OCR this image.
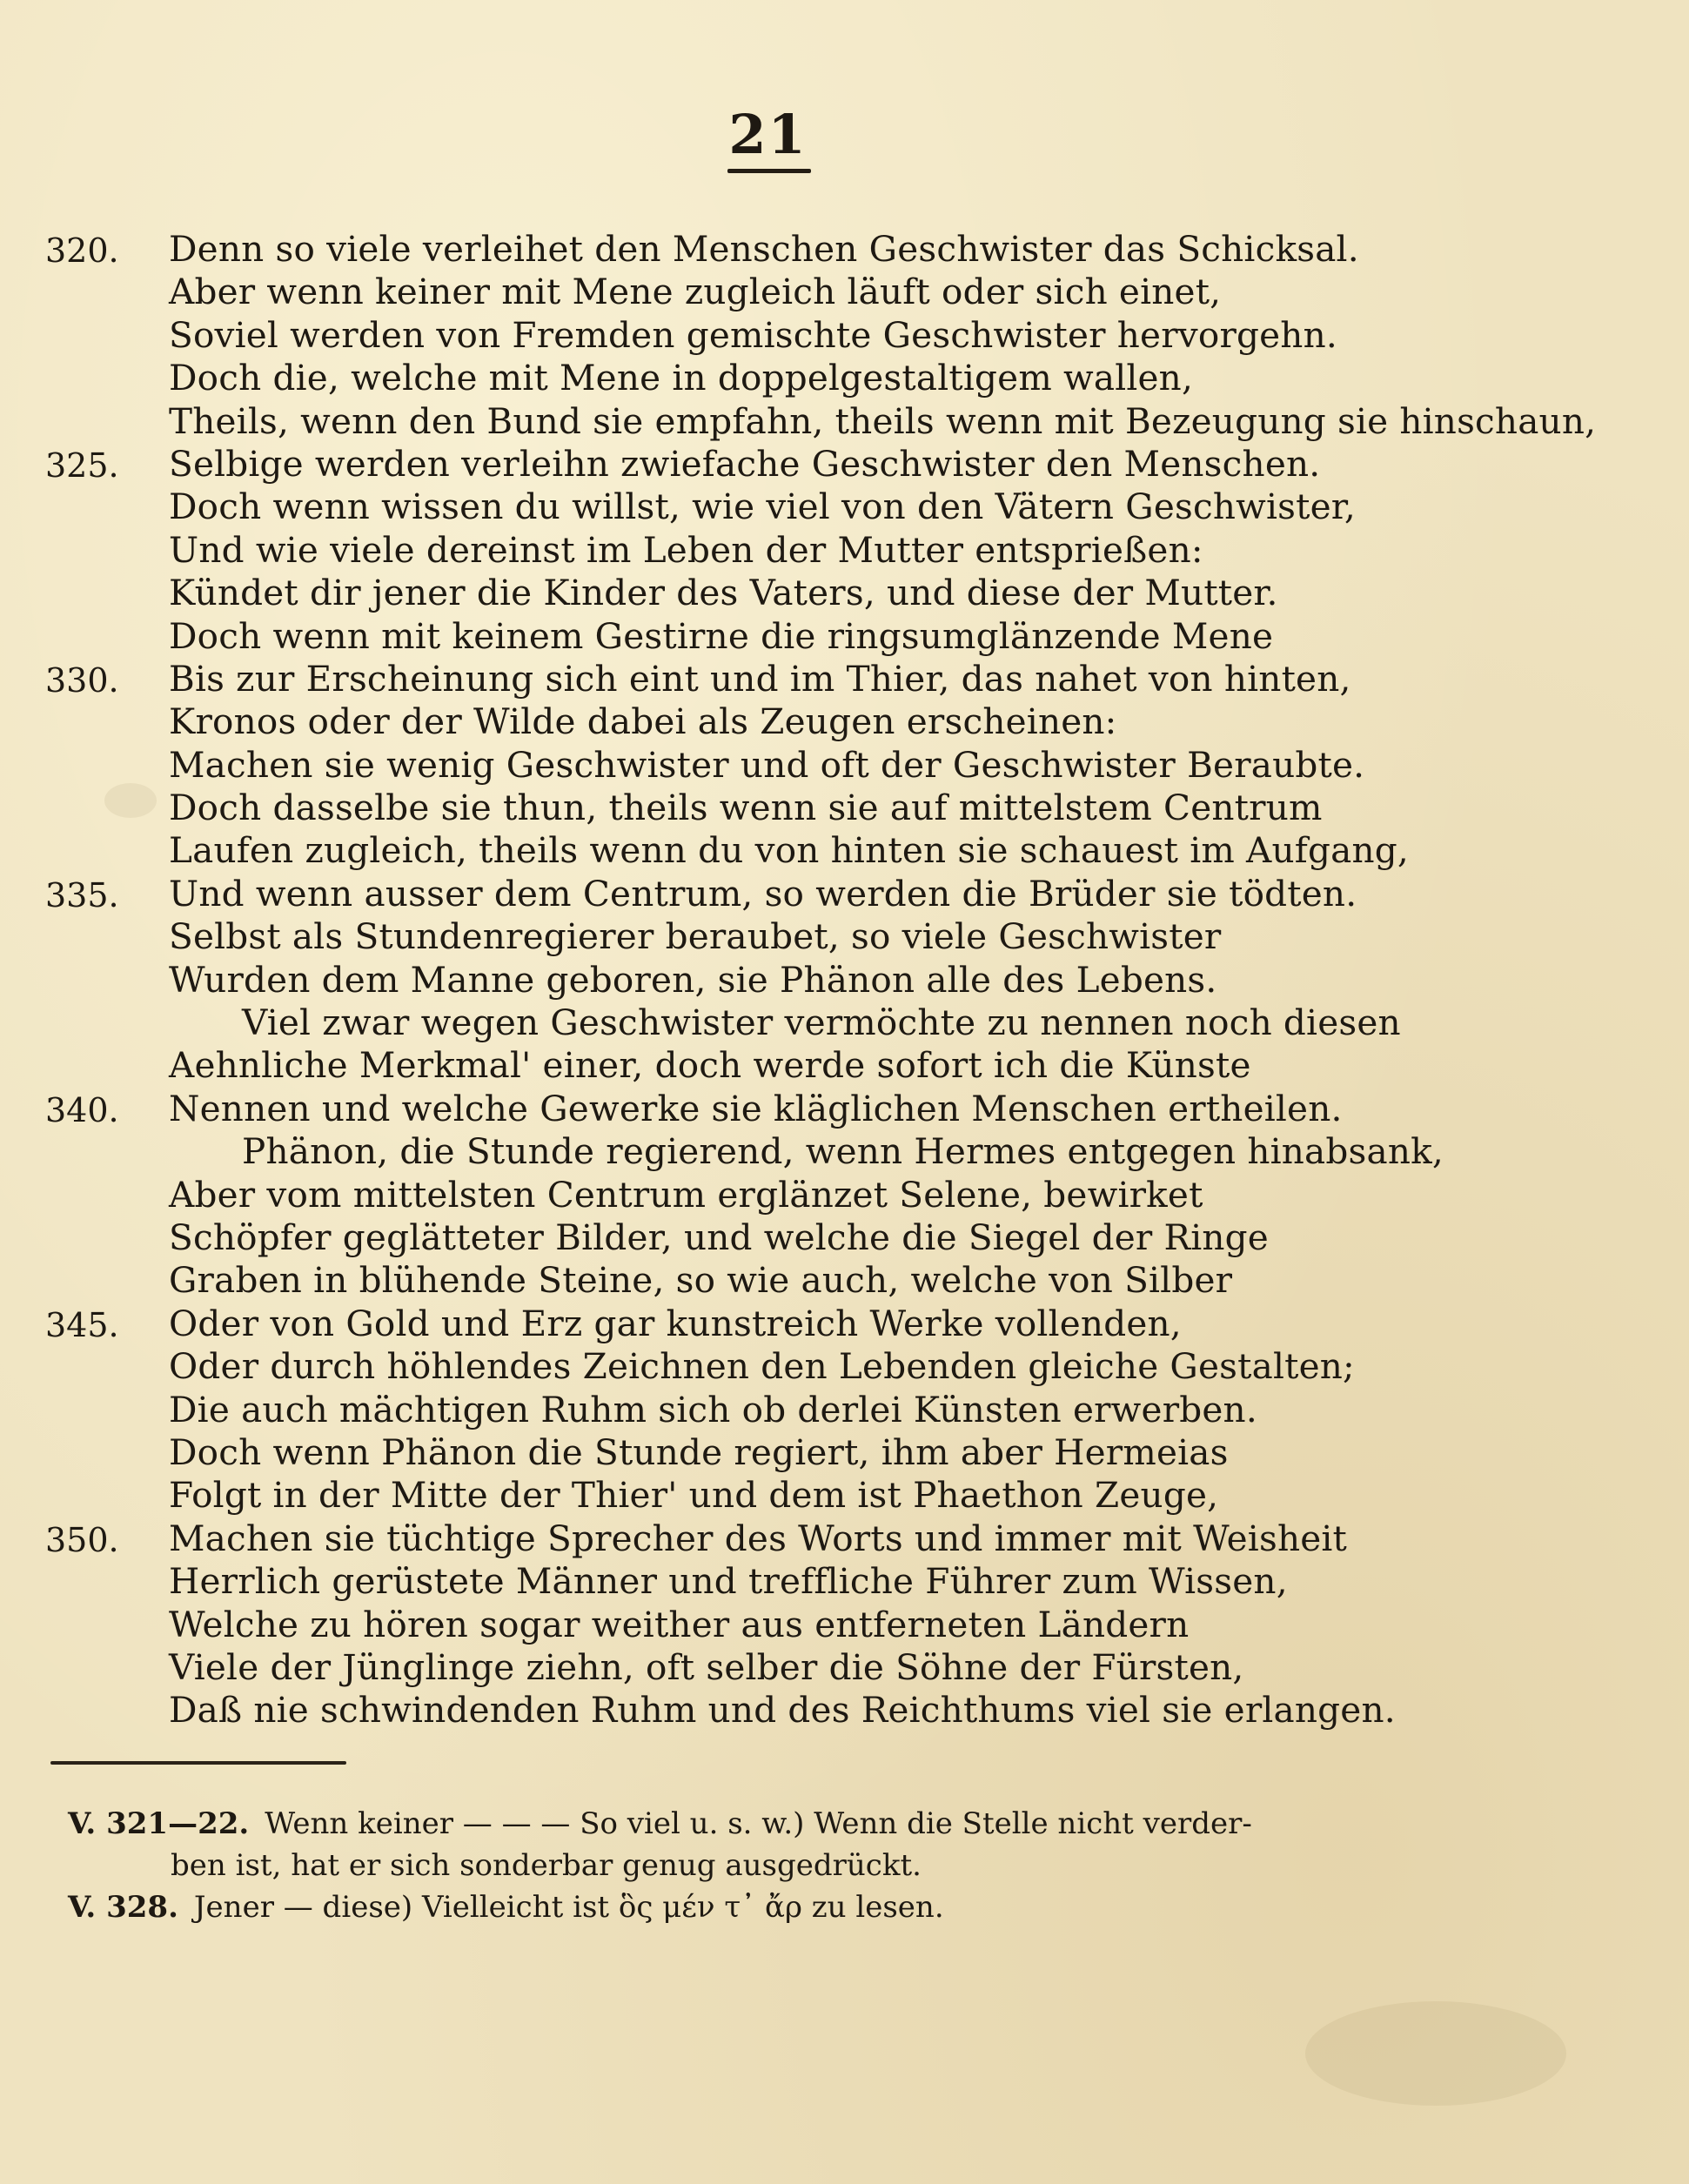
21
320.	Denn so viele verleihet den Menschen Geschwister das Schicksal.
Aber wenn keiner mit Mene zugleich läuft oder sich einet,
Soviel werden von Fremden gemischte Geschwister hervorgehn.
Doch die, welche mit Mene in doppelgestaltigem wallen,
Theils, wenn den Bund sie empfahn, theils wenn mit Bezeugung sie hinschaun,
325.	Selbige werden verleihn zwiefache Geschwister den Menschen.
Doch wenn wissen du willst, wie viel von den Vätern Geschwister,
Und wie viele dereinst im Leben der Mutter entsprießen:
Kündet dir jener die Kinder des Vaters, und diese der Mutter.
Doch wenn mit keinem Gestirne die ringsumglänzende Mene
330.	Bis zur Erscheinung sich eint und im Thier, das nahet von hinten,
Kronos oder der Wilde dabei als Zeugen erscheinen:
Machen sie wenig Geschwister und oft der Geschwister Beraubte.
Doch dasselbe sie thun, theils wenn sie auf mittelstem Centrum
Laufen zugleich, theils wenn du von hinten sie schauest im Aufgang,
335.	Und wenn ausser dem Centrum, so werden die Brüder sie tödten.
Selbst als Stundenregierer beraubet, so viele Geschwister
Wurden dem Manne geboren, sie Phänon alle des Lebens.
Viel zwar wegen Geschwister vermöchte zu nennen noch diesen
Aehnliche Merkmal' einer, doch werde sofort ich die Künste
340.	Nennen und welche Gewerke sie kläglichen Menschen ertheilen.
Phänon, die Stunde regierend, wenn Hermes entgegen hinabsank,
Aber vom mittelsten Centrum erglänzet Selene, bewirket
Schöpfer geglätteter Bilder, und welche die Siegel der Ringe
Graben in blühende Steine, so wie auch, welche von Silber
345.	Oder von Gold und Erz gar kunstreich Werke vollenden,
Oder durch höhlendes Zeichnen den Lebenden gleiche Gestalten;
Die auch mächtigen Ruhm sich ob derlei Künsten erwerben.
Doch wenn Phänon die Stunde regiert, ihm aber Hermeias
Folgt in der Mitte der Thier' und dem ist Phaethon Zeuge,
350.	Machen sie tüchtige Sprecher des Worts und immer mit Weisheit
Herrlich gerüstete Männer und treffliche Führer zum Wissen,
Welche zu hören sogar weither aus entferneten Ländern
Viele der Jünglinge ziehn, oft selber die Söhne der Fürsten,
Daß nie schwindenden Ruhm und des Reichthums viel sie erlangen.
V. 321—22. Wenn keiner — — — So viel u. s. w.) Wenn die Stelle nicht verder-
ben ist, hat er sich sonderbar genug ausgedrückt.
V. 328. Jener — diese) Vielleicht ist ὃς μέν τ᾽ ἄρ zu lesen.
